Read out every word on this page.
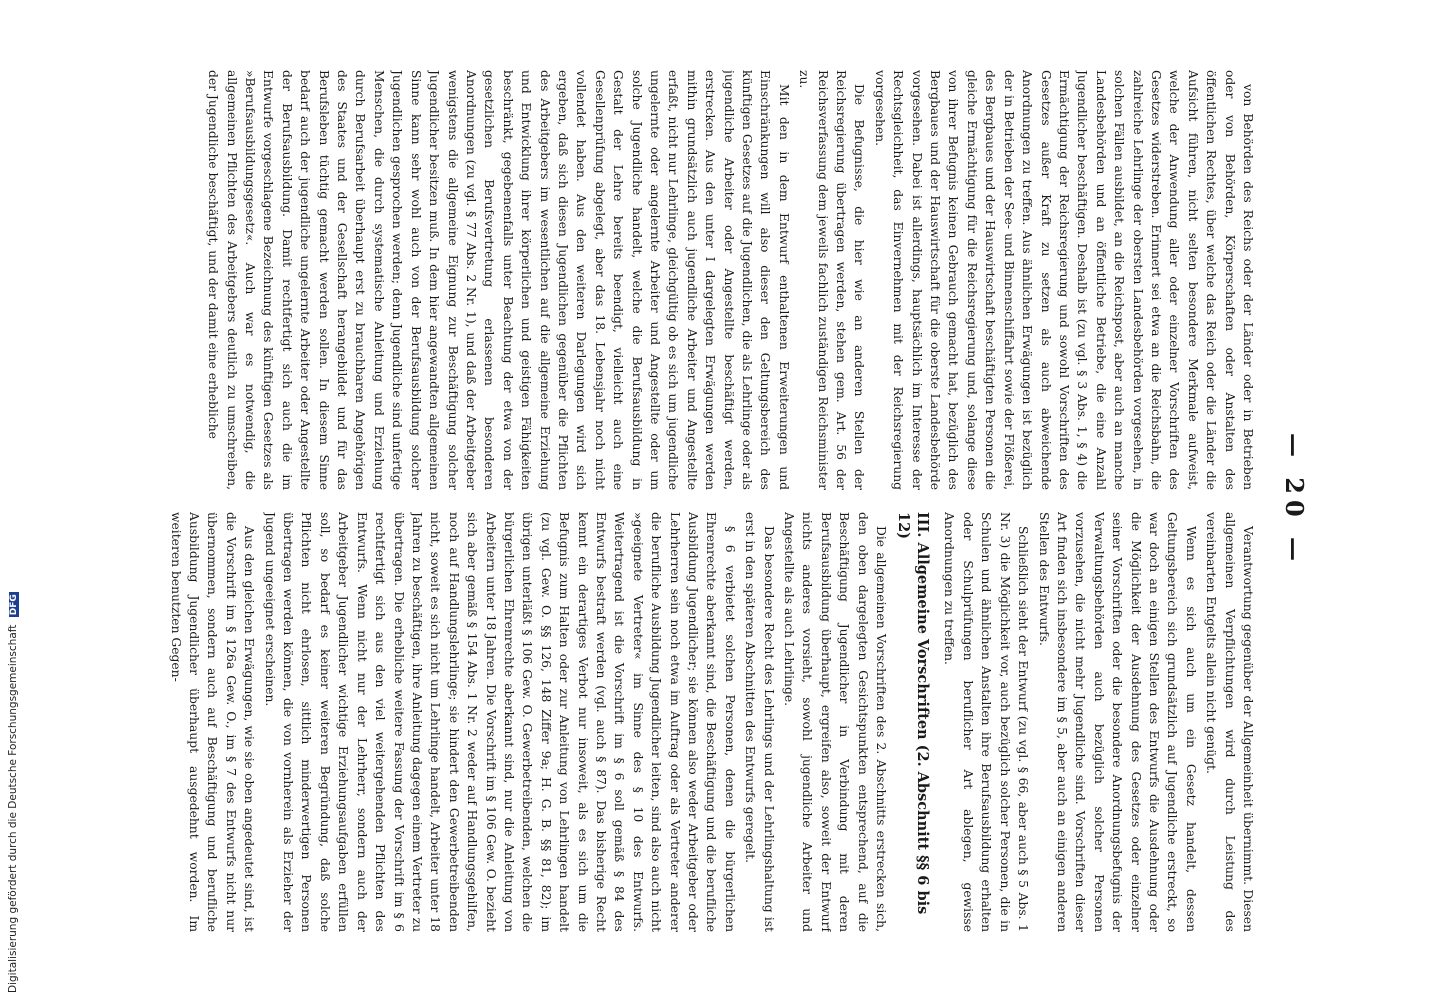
— 20 —

von Behörden des Reichs oder der Länder oder in Betrieben oder von Behörden, Körperschaften oder Anstalten des öffentlichen Rechtes, über welche das Reich oder die Länder die Aufsicht führen, nicht selten besondere Merkmale aufweist, welche der Anwendung aller oder einzelner Vorschriften des Gesetzes widerstreben. Erinnert sei etwa an die Reichsbahn, die zahlreiche Lehrlinge der obersten Landesbehörden vorgesehen, in solchen Fällen ausbildet, an die Reichspost, aber auch an manche Landesbehörden und an öffentliche Betriebe, die eine Anzahl Jugendlicher beschäftigen. Deshalb ist (zu vgl. § 3 Abs. 1, § 4) die Ermächtigung der Reichsregierung und sowohl Vorschriften des Gesetzes außer Kraft zu setzen als auch abweichende Anordnungen zu treffen. Aus ähnlichen Erwägungen ist bezüglich der in Betrieben der See- und Binnenschiffahrt sowie der Flößerei, des Bergbaues und der Hauswirtschaft beschäftigten Personen die gleiche Ermächtigung für die Reichsregierung und, solange diese von ihrer Befugnis keinen Gebrauch gemacht hat, bezüglich des Bergbaues und der Hauswirtschaft für die oberste Landesbehörde vorgesehen. Dabei ist allerdings, hauptsächlich im Interesse der Rechtsgleichheit, das Einvernehmen mit der Reichsregierung vorgesehen.

Die Befugnisse, die hier wie an anderen Stellen der Reichsregierung übertragen werden, stehen gem. Art. 56 der Reichsverfassung dem jeweils fachlich zuständigen Reichsminister zu.

Mit den in dem Entwurf enthaltenen Erweiterungen und Einschränkungen will also dieser den Geltungsbereich des künftigen Gesetzes auf die Jugendlichen, die als Lehrlinge oder als jugendliche Arbeiter oder Angestellte beschäftigt werden, erstrecken. Aus den unter I dargelegten Erwägungen werden mithin grundsätzlich auch jugendliche Arbeiter und Angestellte erfaßt, nicht nur Lehrlinge, gleichgültig ob es sich um jugendliche ungelernte oder angelernte Arbeiter und Angestellte oder um solche Jugendliche handelt, welche die Berufsausbildung in Gestalt der Lehre bereits beendigt, vielleicht auch eine Gesellenprüfung abgelegt, aber das 18. Lebensjahr noch nicht vollendet haben. Aus den weiteren Darlegungen wird sich ergeben, daß sich diesen Jugendlichen gegenüber die Pflichten des Arbeitgebers im wesentlichen auf die allgemeine Erziehung und Entwicklung ihrer körperlichen und geistigen Fähigkeiten beschränkt, gegebenenfalls unter Beachtung der etwa von der gesetzlichen Berufsvertretung erlassenen besonderen Anordnungen (zu vgl. § 77 Abs. 2 Nr. 1), und daß der Arbeitgeber wenigstens die allgemeine Eignung zur Beschäftigung solcher Jugendlicher besitzen muß. In dem hier angewandten allgemeinen Sinne kann sehr wohl auch von der Berufsausbildung solcher Jugendlichen gesprochen werden; denn Jugendliche sind unfertige Menschen, die durch systematische Anleitung und Erziehung durch Berufsarbeit überhaupt erst zu brauchbaren Angehörigen des Staates und der Gesellschaft herangebildet und für das Berufsleben tüchtig gemacht werden sollen. In diesem Sinne bedarf auch der jugendliche ungelernte Arbeiter oder Angestellte der Berufsausbildung. Damit rechtfertigt sich auch die im Entwurfe vorgeschlagene Bezeichnung des künftigen Gesetzes als »Berufsausbildungsgesetz«. Auch war es notwendig, die allgemeinen Pflichten des Arbeitgebers deutlich zu umschreiben, der Jugendliche beschäftigt, und der damit eine erhebliche

Verantwortung gegenüber der Allgemeinheit übernimmt. Diesen allgemeinen Verpflichtungen wird durch Leistung des vereinbarten Entgelts allein nicht genügt.

Wenn es sich auch um ein Gesetz handelt, dessen Geltungsbereich sich grundsätzlich auf Jugendliche erstreckt, so war doch an einigen Stellen des Entwurfs die Ausdehnung oder die Möglichkeit der Ausdehnung des Gesetzes oder einzelner seiner Vorschriften oder die besondere Anordnungsbefugnis der Verwaltungsbehörden auch bezüglich solcher Personen vorzusehen, die nicht mehr Jugendliche sind. Vorschriften dieser Art finden sich insbesondere im § 5, aber auch an einigen anderen Stellen des Entwurfs.

Schließlich sieht der Entwurf (zu vgl. § 66, aber auch § 5 Abs. 1 Nr. 3) die Möglichkeit vor, auch bezüglich solcher Personen, die in Schulen und ähnlichen Anstalten ihre Berufsausbildung erhalten oder Schulprüfungen beruflicher Art ablegen, gewisse Anordnungen zu treffen.

III. Allgemeine Vorschriften (2. Abschnitt §§ 6 bis 12)

Die allgemeinen Vorschriften des 2. Abschnitts erstrecken sich, den oben dargelegten Gesichtspunkten entsprechend, auf die Beschäftigung Jugendlicher in Verbindung mit deren Berufsausbildung überhaupt, ergreifen also, soweit der Entwurf nichts anderes vorsieht, sowohl jugendliche Arbeiter und Angestellte als auch Lehrlinge.

Das besondere Recht des Lehrlings und der Lehrlingshaltung ist erst in den späteren Abschnitten des Entwurfs geregelt.

§ 6 verbietet solchen Personen, denen die bürgerlichen Ehrenrechte aberkannt sind, die Beschäftigung und die berufliche Ausbildung Jugendlicher; sie können also weder Arbeitgeber oder Lehrherren sein noch etwa im Auftrag oder als Vertreter anderer die berufliche Ausbildung Jugendlicher leiten, sind also auch nicht »geeignete Vertreter« im Sinne des § 10 des Entwurfs. Weitertragend ist die Vorschrift im § 6 soll gemäß § 84 des Entwurfs bestraft werden (vgl. auch § 87). Das bisherige Recht kennt ein derartiges Verbot nur insoweit, als es sich um die Befugnis zum Halten oder zur Anleitung von Lehrlingen handelt (zu vgl. Gew. O. §§ 126, 148 Ziffer 9a; H. G. B. §§ 81, 82); im übrigen unterläßt § 106 Gew. O. Gewerbetreibenden, welchen die bürgerlichen Ehrenrechte aberkannt sind, nur die Anleitung von Arbeitern unter 18 Jahren. Die Vorschrift im § 106 Gew. O. bezieht sich aber gemäß § 154 Abs. 1 Nr. 2 weder auf Handlungsgehilfen, noch auf Handlungslehrlinge; sie hindert den Gewerbetreibenden nicht, soweit es sich nicht um Lehrlinge handelt, Arbeiter unter 18 Jahren zu beschäftigen, ihre Anleitung dagegen einem Vertreter zu übertragen. Die erhebliche weitere Fassung der Vorschrift im § 6 rechtfertigt sich aus den viel weitergehenden Pflichten des Entwurfs. Wenn nicht nur der Lehrherr, sondern auch der Arbeitgeber Jugendlicher wichtige Erziehungsaufgaben erfüllen soll, so bedarf es keiner weiteren Begründung, daß solche Pflichten nicht ehrlosen, sittlich minderwertigen Personen übertragen werden können, die von vornherein als Erzieher der Jugend ungeeignet erscheinen.

Aus den gleichen Erwägungen, wie sie oben angedeutet sind, ist die Vorschrift im § 126a Gew. O., im § 7 des Entwurfs nicht nur übernommen, sondern auch auf Beschäftigung und berufliche Ausbildung Jugendlicher überhaupt ausgedehnt worden. Im weiteren benutzten Gegen-

Digitalisierung gefördert durch die Deutsche Forschungsgemeinschaft DFG
